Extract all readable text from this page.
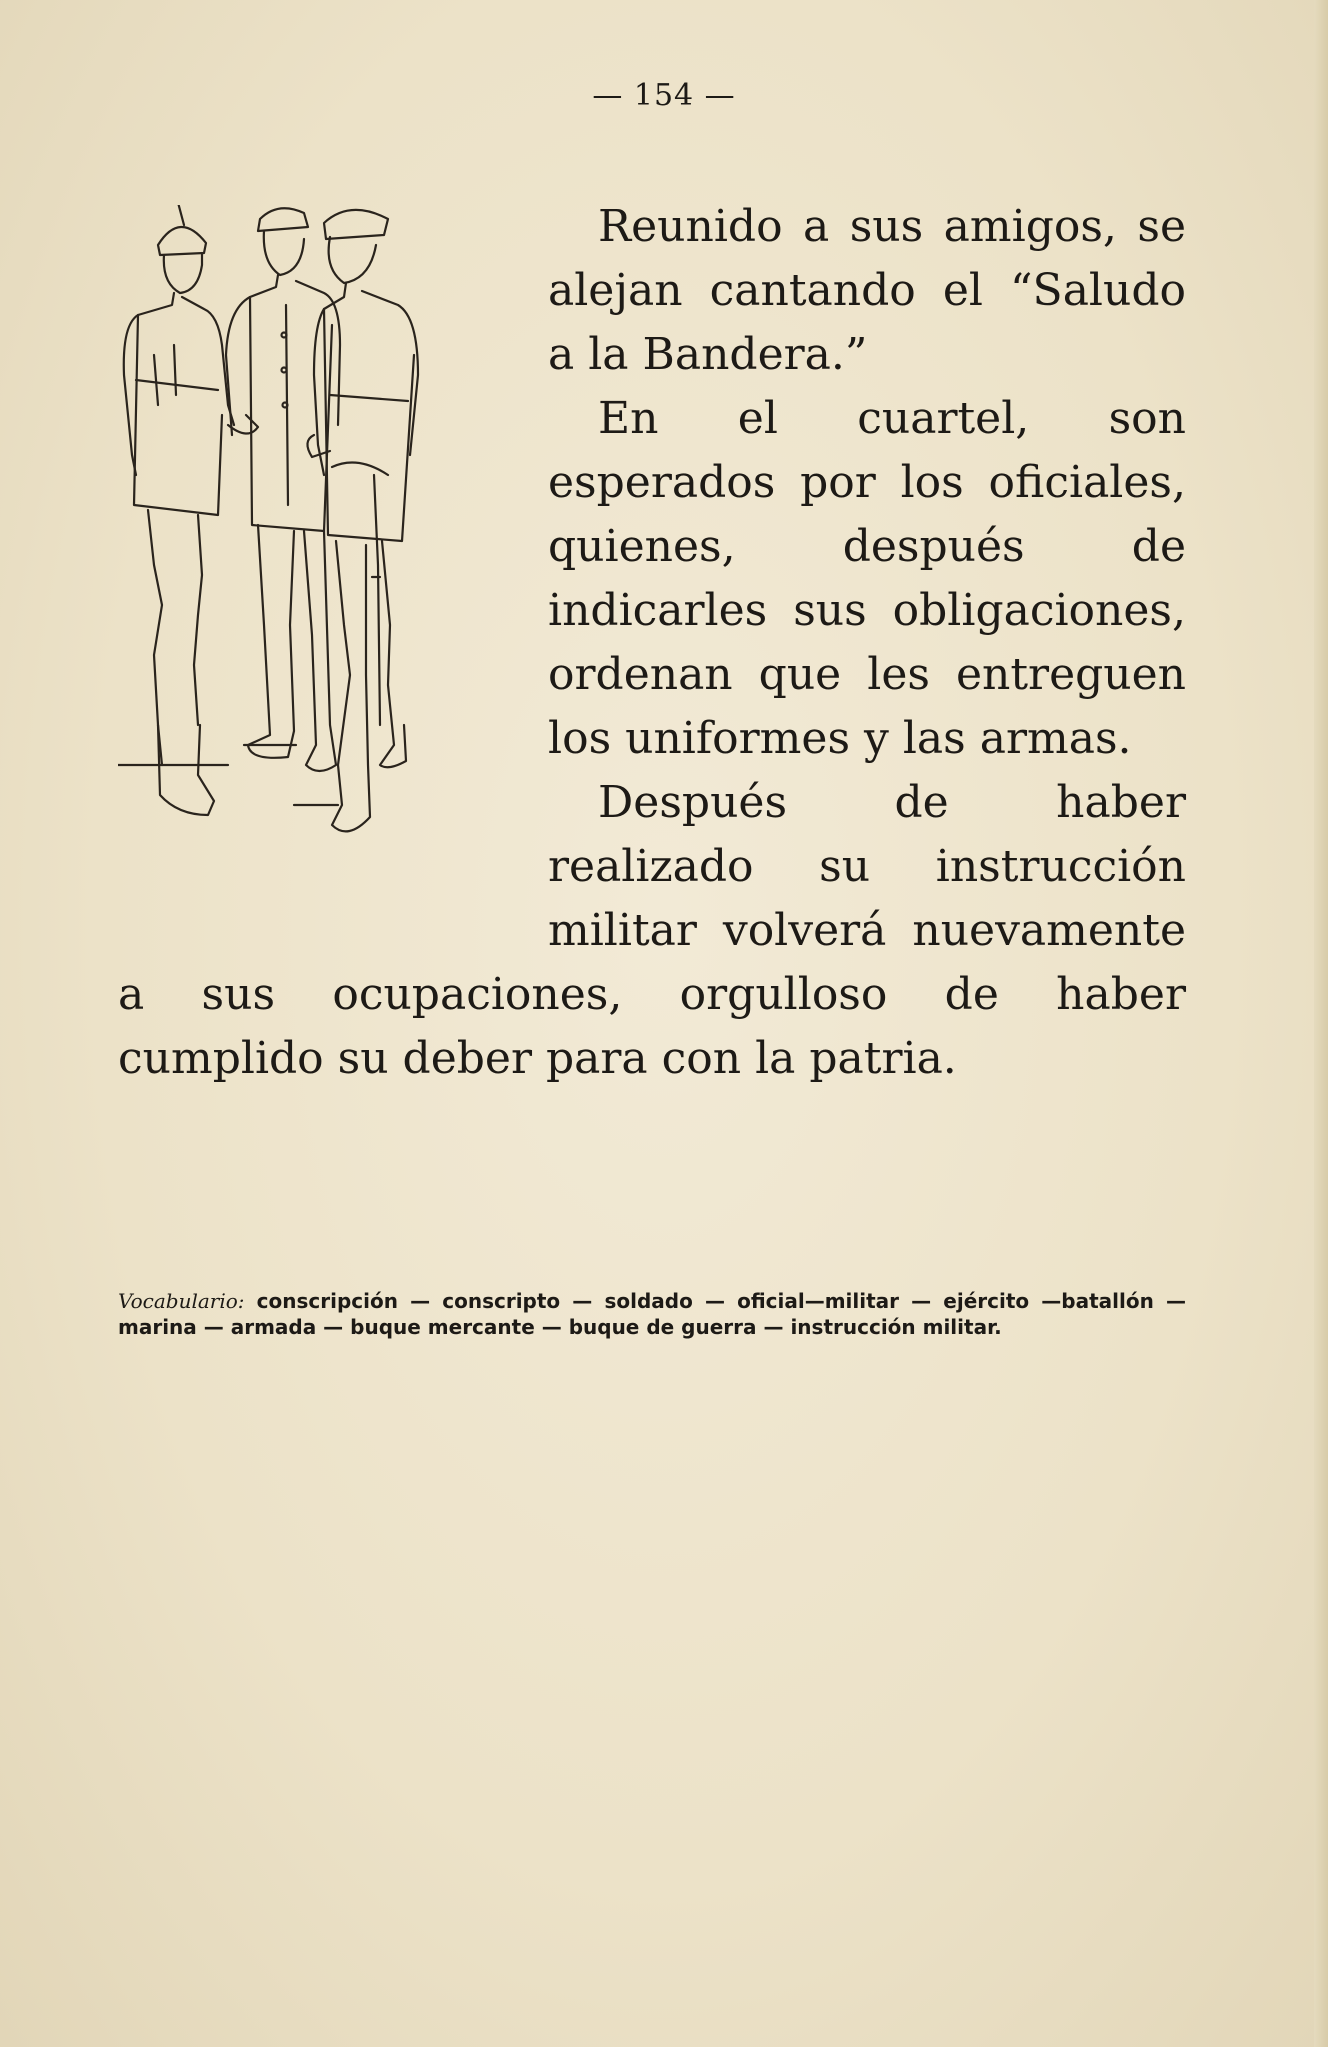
— 154 —

Reunido a sus amigos, se alejan cantando el “Saludo a la Bandera.”

En el cuartel, son esperados por los oficiales, quienes, después de indicarles sus obligaciones, ordenan que les entreguen los uniformes y las armas.

Después de haber realizado su instrucción militar volverá nuevamente a sus ocupaciones, orgulloso de haber cumplido su deber para con la patria.

Vocabulario: conscripción — conscripto — soldado — oficial—militar — ejército —batallón — marina — armada — buque mercante — buque de guerra — instrucción militar.
